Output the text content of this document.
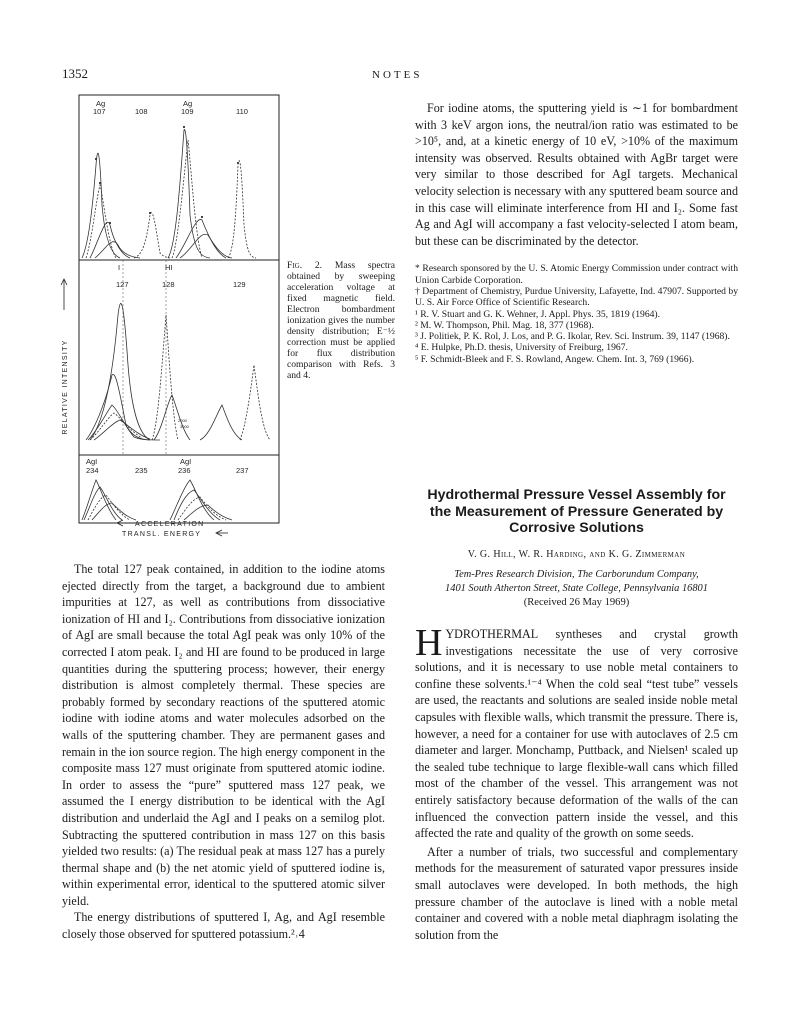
1352	NOTES
Ag
107	108
Ag
109	110
I	HI
127	128	129
2000
3000
AgI
234	235
AgI
236	237
RELATIVE INTENSITY
ACCELERATION
TRANSL. ENERGY
Fig. 2. Mass spectra obtained by sweeping acceleration voltage at fixed magnetic field. Electron bombardment ionization gives the number density distribution; E⁻½ correction must be applied for flux distribution comparison with Refs. 3 and 4.

For iodine atoms, the sputtering yield is ∼1 for bombardment with 3 keV argon ions, the neutral/ion ratio was estimated to be >10⁵, and, at a kinetic energy of 10 eV, >10% of the maximum intensity was observed. Results obtained with AgBr target were very similar to those described for AgI targets. Mechanical velocity selection is necessary with any sputtered beam source and in this case will eliminate interference from HI and I₂. Some fast Ag and AgI will accompany a fast velocity-selected I atom beam, but these can be discriminated by the detector.

* Research sponsored by the U. S. Atomic Energy Commission under contract with Union Carbide Corporation.

† Department of Chemistry, Purdue University, Lafayette, Ind. 47907. Supported by U. S. Air Force Office of Scientific Research.

¹ R. V. Stuart and G. K. Wehner, J. Appl. Phys. 35, 1819 (1964).

² M. W. Thompson, Phil. Mag. 18, 377 (1968).

³ J. Politiek, P. K. Rol, J. Los, and P. G. Ikolar, Rev. Sci. Instrum. 39, 1147 (1968).

⁴ E. Hulpke, Ph.D. thesis, University of Freiburg, 1967.

⁵ F. Schmidt-Bleek and F. S. Rowland, Angew. Chem. Int. 3, 769 (1966).

The total 127 peak contained, in addition to the iodine atoms ejected directly from the target, a background due to ambient impurities at 127, as well as contributions from dissociative ionization of HI and I₂. Contributions from dissociative ionization of AgI are small because the total AgI peak was only 10% of the corrected I atom peak. I₂ and HI are found to be produced in large quantities during the sputtering process; however, their energy distribution is almost completely thermal. These species are probably formed by secondary reactions of the sputtered atomic iodine with iodine atoms and water molecules adsorbed on the walls of the sputtering chamber. They are permanent gases and remain in the ion source region. The high energy component in the composite mass 127 must originate from sputtered atomic iodine. In order to assess the “pure” sputtered mass 127 peak, we assumed the I energy distribution to be identical with the AgI distribution and underlaid the AgI and I peaks on a semilog plot. Subtracting the sputtered contribution in mass 127 on this basis yielded two results: (a) The residual peak at mass 127 has a purely thermal shape and (b) the net atomic yield of sputtered iodine is, within experimental error, identical to the sputtered atomic silver yield.

The energy distributions of sputtered I, Ag, and AgI resemble closely those observed for sputtered potassium.²˒4

Hydrothermal Pressure Vessel Assembly for the Measurement of Pressure Generated by Corrosive Solutions
V. G. Hill, W. R. Harding, and K. G. Zimmerman
Tem-Pres Research Division, The Carborundum Company,
1401 South Atherton Street, State College, Pennsylvania 16801
(Received 26 May 1969)

HYDROTHERMAL syntheses and crystal growth investigations necessitate the use of very corrosive solutions, and it is necessary to use noble metal containers to confine these solvents.¹⁻⁴ When the cold seal “test tube” vessels are used, the reactants and solutions are sealed inside noble metal capsules with flexible walls, which transmit the pressure. There is, however, a need for a container for use with autoclaves of 2.5 cm diameter and larger. Monchamp, Puttback, and Nielsen¹ scaled up the sealed tube technique to large flexible-wall cans which filled most of the chamber of the vessel. This arrangement was not entirely satisfactory because deformation of the walls of the can influenced the convection pattern inside the vessel, and this affected the rate and quality of the growth on some seeds.

After a number of trials, two successful and complementary methods for the measurement of saturated vapor pressures inside small autoclaves were developed. In both methods, the high pressure chamber of the autoclave is lined with a noble metal container and covered with a noble metal diaphragm isolating the solution from the
